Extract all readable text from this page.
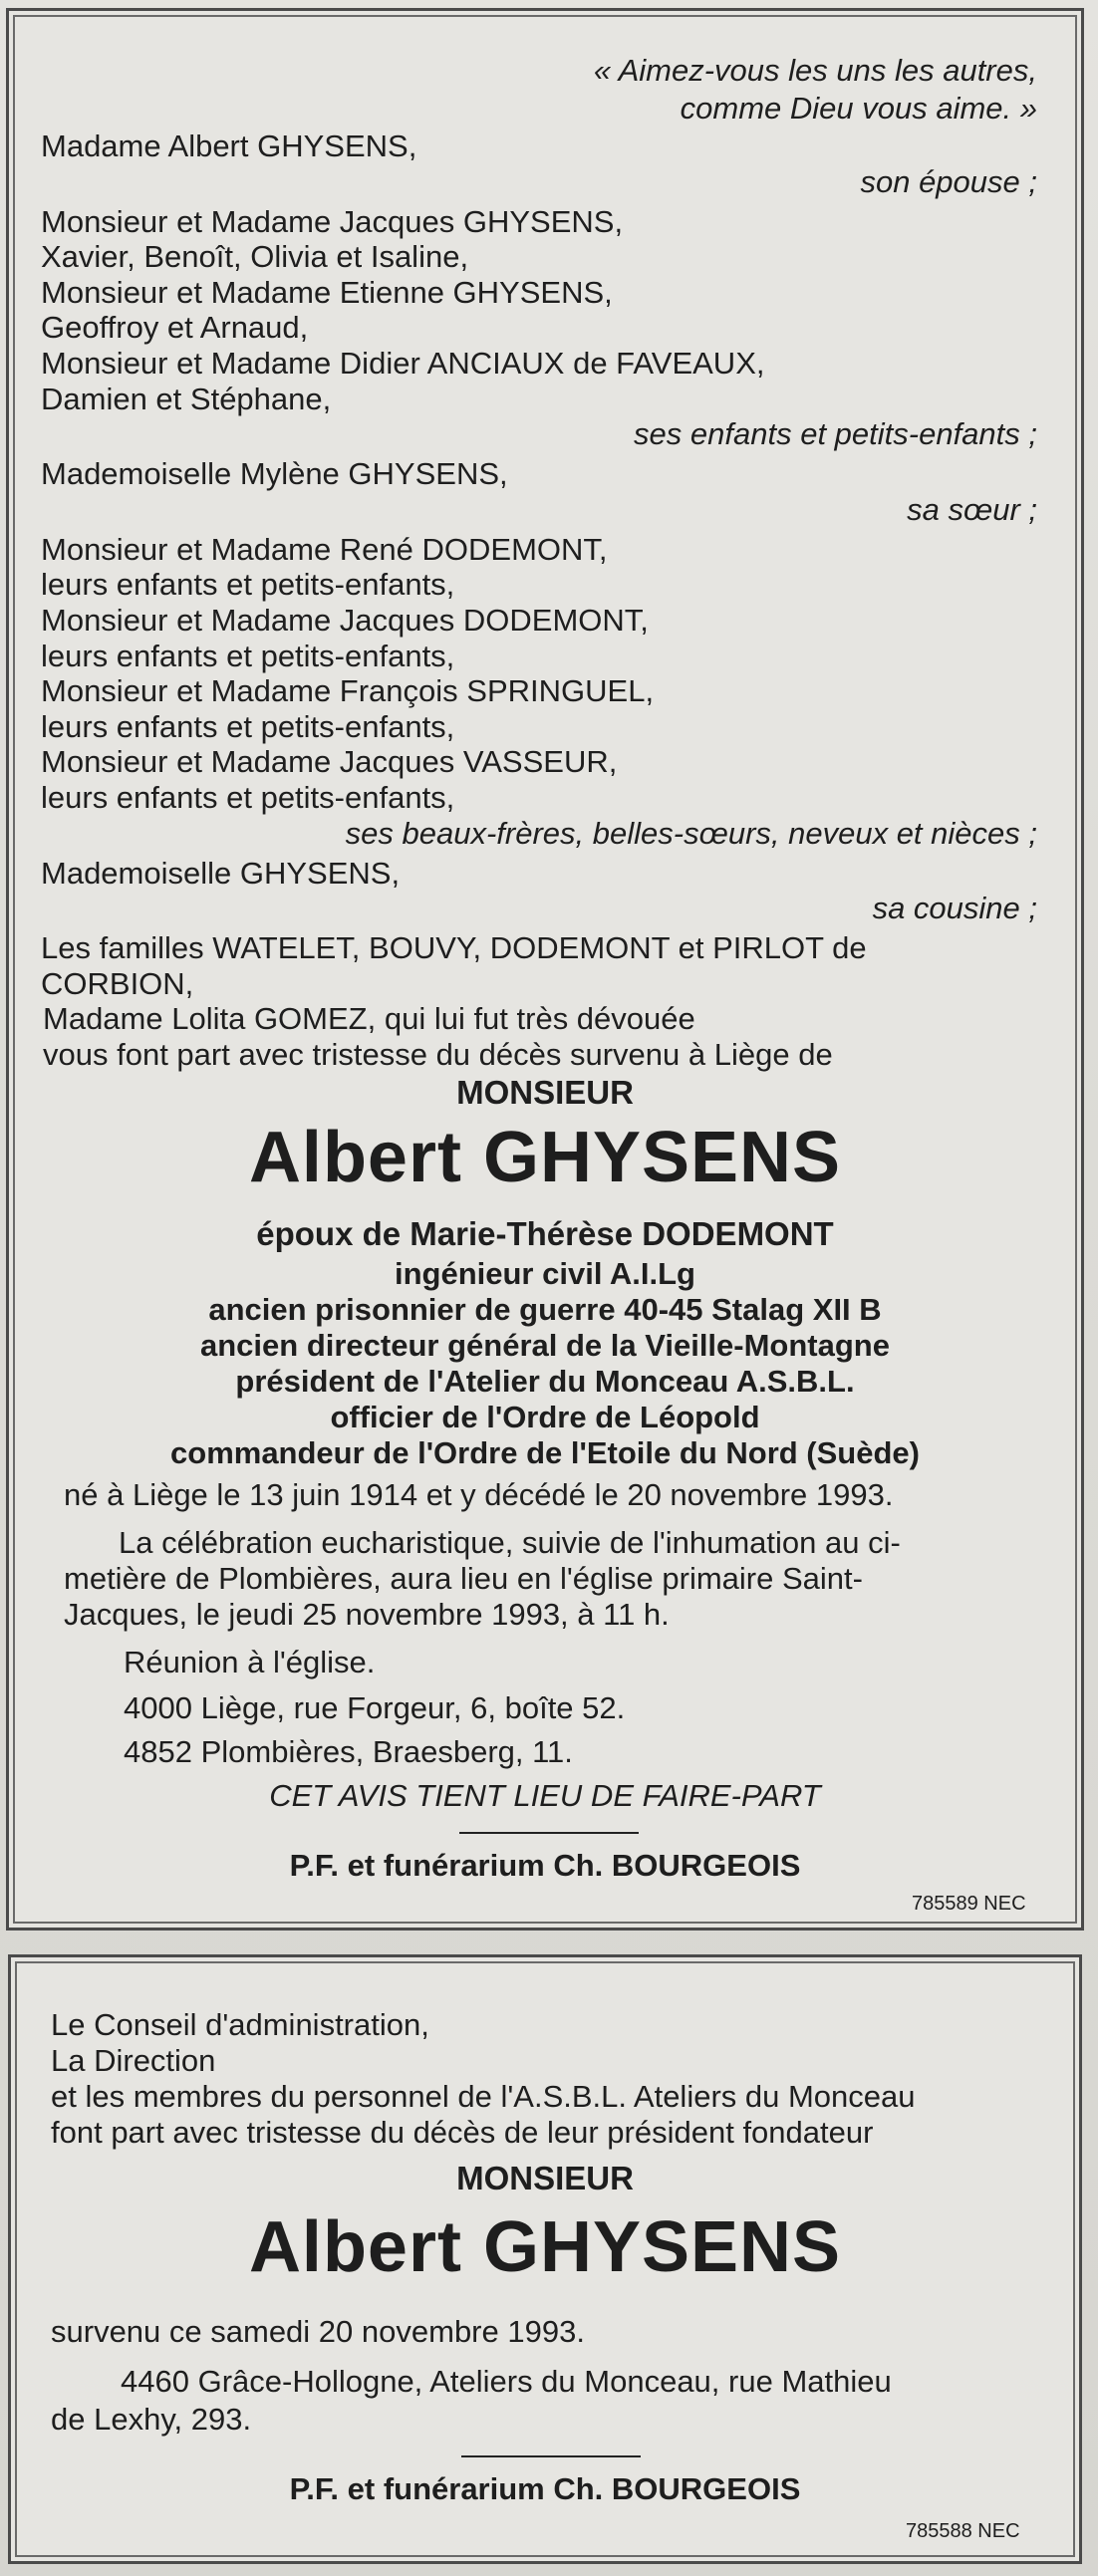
« Aimez-vous les uns les autres,
comme Dieu vous aime. »
MONSIEUR
Albert GHYSENS
né à Liège le 13 juin 1914 et y décédé le 20 novembre 1993.
La célébration eucharistique, suivie de l'inhumation au ci-
metière de Plombières, aura lieu en l'église primaire Saint-
Jacques, le jeudi 25 novembre 1993, à 11 h.
Réunion à l'église.
4000 Liège, rue Forgeur, 6, boîte 52.
4852 Plombières, Braesberg, 11.
CET AVIS TIENT LIEU DE FAIRE-PART
P.F. et funérarium Ch. BOURGEOIS
785589 NEC
Madame Albert GHYSENS,
son épouse ;
Monsieur et Madame Jacques GHYSENS,
Xavier, Benoît, Olivia et Isaline,
Monsieur et Madame Etienne GHYSENS,
Geoffroy et Arnaud,
Monsieur et Madame Didier ANCIAUX de FAVEAUX,
Damien et Stéphane,
ses enfants et petits-enfants ;
Mademoiselle Mylène GHYSENS,
sa sœur ;
Monsieur et Madame René DODEMONT,
leurs enfants et petits-enfants,
Monsieur et Madame Jacques DODEMONT,
leurs enfants et petits-enfants,
Monsieur et Madame François SPRINGUEL,
leurs enfants et petits-enfants,
Monsieur et Madame Jacques VASSEUR,
leurs enfants et petits-enfants,
ses beaux-frères, belles-sœurs, neveux et nièces ;
Mademoiselle GHYSENS,
sa cousine ;
Les familles WATELET, BOUVY, DODEMONT et PIRLOT de
CORBION,
Madame Lolita GOMEZ, qui lui fut très dévouée
vous font part avec tristesse du décès survenu à Liège de
époux de Marie-Thérèse DODEMONT
ingénieur civil A.I.Lg
ancien prisonnier de guerre 40-45 Stalag XII B
ancien directeur général de la Vieille-Montagne
président de l'Atelier du Monceau A.S.B.L.
officier de l'Ordre de Léopold
commandeur de l'Ordre de l'Etoile du Nord (Suède)
Le Conseil d'administration,
La Direction
et les membres du personnel de l'A.S.B.L. Ateliers du Monceau
font part avec tristesse du décès de leur président fondateur
MONSIEUR
Albert GHYSENS
survenu ce samedi 20 novembre 1993.
4460 Grâce-Hollogne, Ateliers du Monceau, rue Mathieu
de Lexhy, 293.
P.F. et funérarium Ch. BOURGEOIS
785588 NEC
